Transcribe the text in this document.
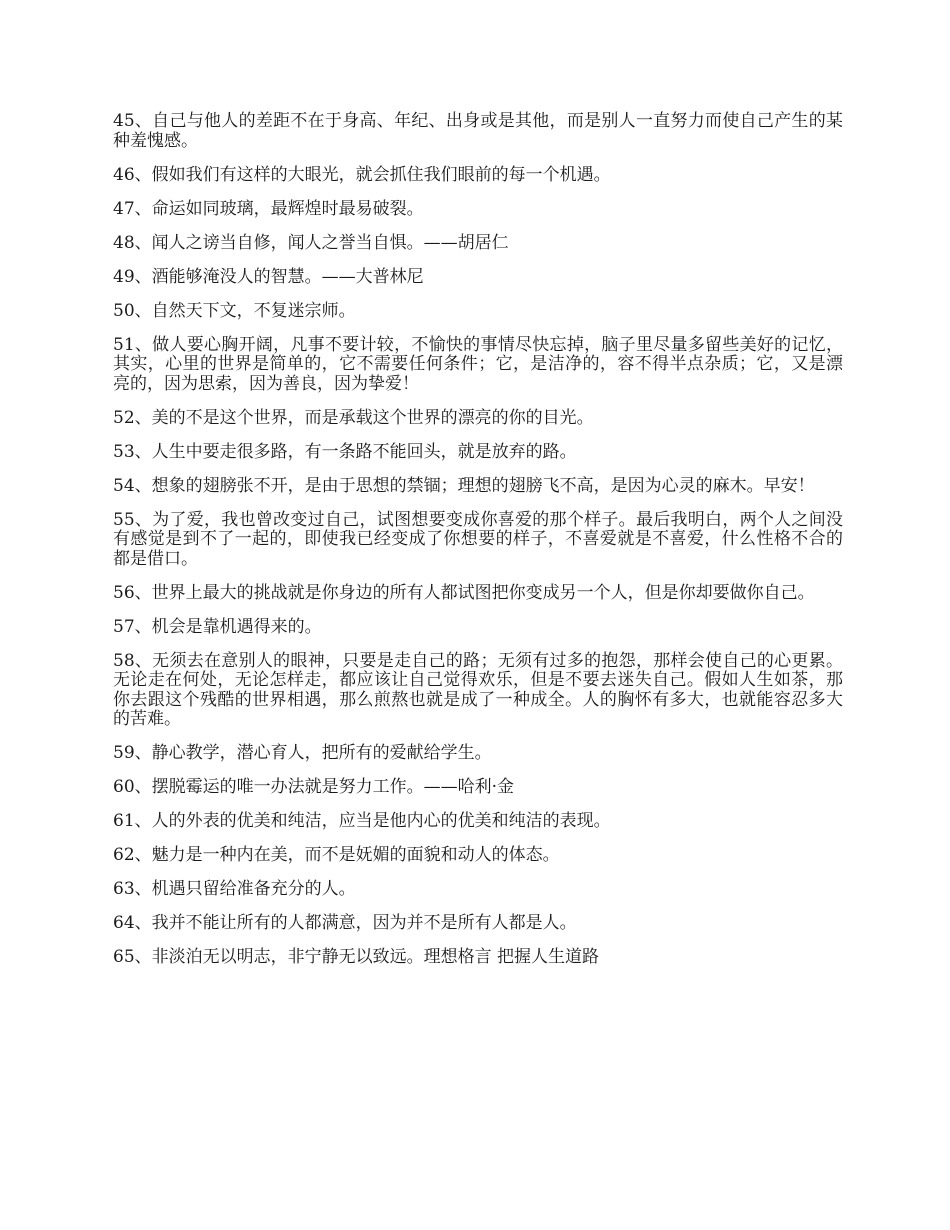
45、自己与他人的差距不在于身高、年纪、出身或是其他，而是别人一直努力而使自己产生的某种羞愧感。

46、假如我们有这样的大眼光，就会抓住我们眼前的每一个机遇。

47、命运如同玻璃，最辉煌时最易破裂。

48、闻人之谤当自修，闻人之誉当自惧。——胡居仁

49、酒能够淹没人的智慧。——大普林尼

50、自然天下文，不复迷宗师。

51、做人要心胸开阔，凡事不要计较，不愉快的事情尽快忘掉，脑子里尽量多留些美好的记忆，其实，心里的世界是简单的，它不需要任何条件；它，是洁净的，容不得半点杂质；它，又是漂亮的，因为思索，因为善良，因为挚爱！

52、美的不是这个世界，而是承载这个世界的漂亮的你的目光。

53、人生中要走很多路，有一条路不能回头，就是放弃的路。

54、想象的翅膀张不开，是由于思想的禁锢；理想的翅膀飞不高，是因为心灵的麻木。早安！

55、为了爱，我也曾改变过自己，试图想要变成你喜爱的那个样子。最后我明白，两个人之间没有感觉是到不了一起的，即使我已经变成了你想要的样子，不喜爱就是不喜爱，什么性格不合的都是借口。

56、世界上最大的挑战就是你身边的所有人都试图把你变成另一个人，但是你却要做你自己。

57、机会是靠机遇得来的。

58、无须去在意别人的眼神，只要是走自己的路；无须有过多的抱怨，那样会使自己的心更累。无论走在何处，无论怎样走，都应该让自己觉得欢乐，但是不要去迷失自己。假如人生如茶，那你去跟这个残酷的世界相遇，那么煎熬也就是成了一种成全。人的胸怀有多大，也就能容忍多大的苦难。

59、静心教学，潜心育人，把所有的爱献给学生。

60、摆脱霉运的唯一办法就是努力工作。——哈利·金

61、人的外表的优美和纯洁，应当是他内心的优美和纯洁的表现。

62、魅力是一种内在美，而不是妩媚的面貌和动人的体态。

63、机遇只留给准备充分的人。

64、我并不能让所有的人都满意，因为并不是所有人都是人。

65、非淡泊无以明志，非宁静无以致远。理想格言 把握人生道路
